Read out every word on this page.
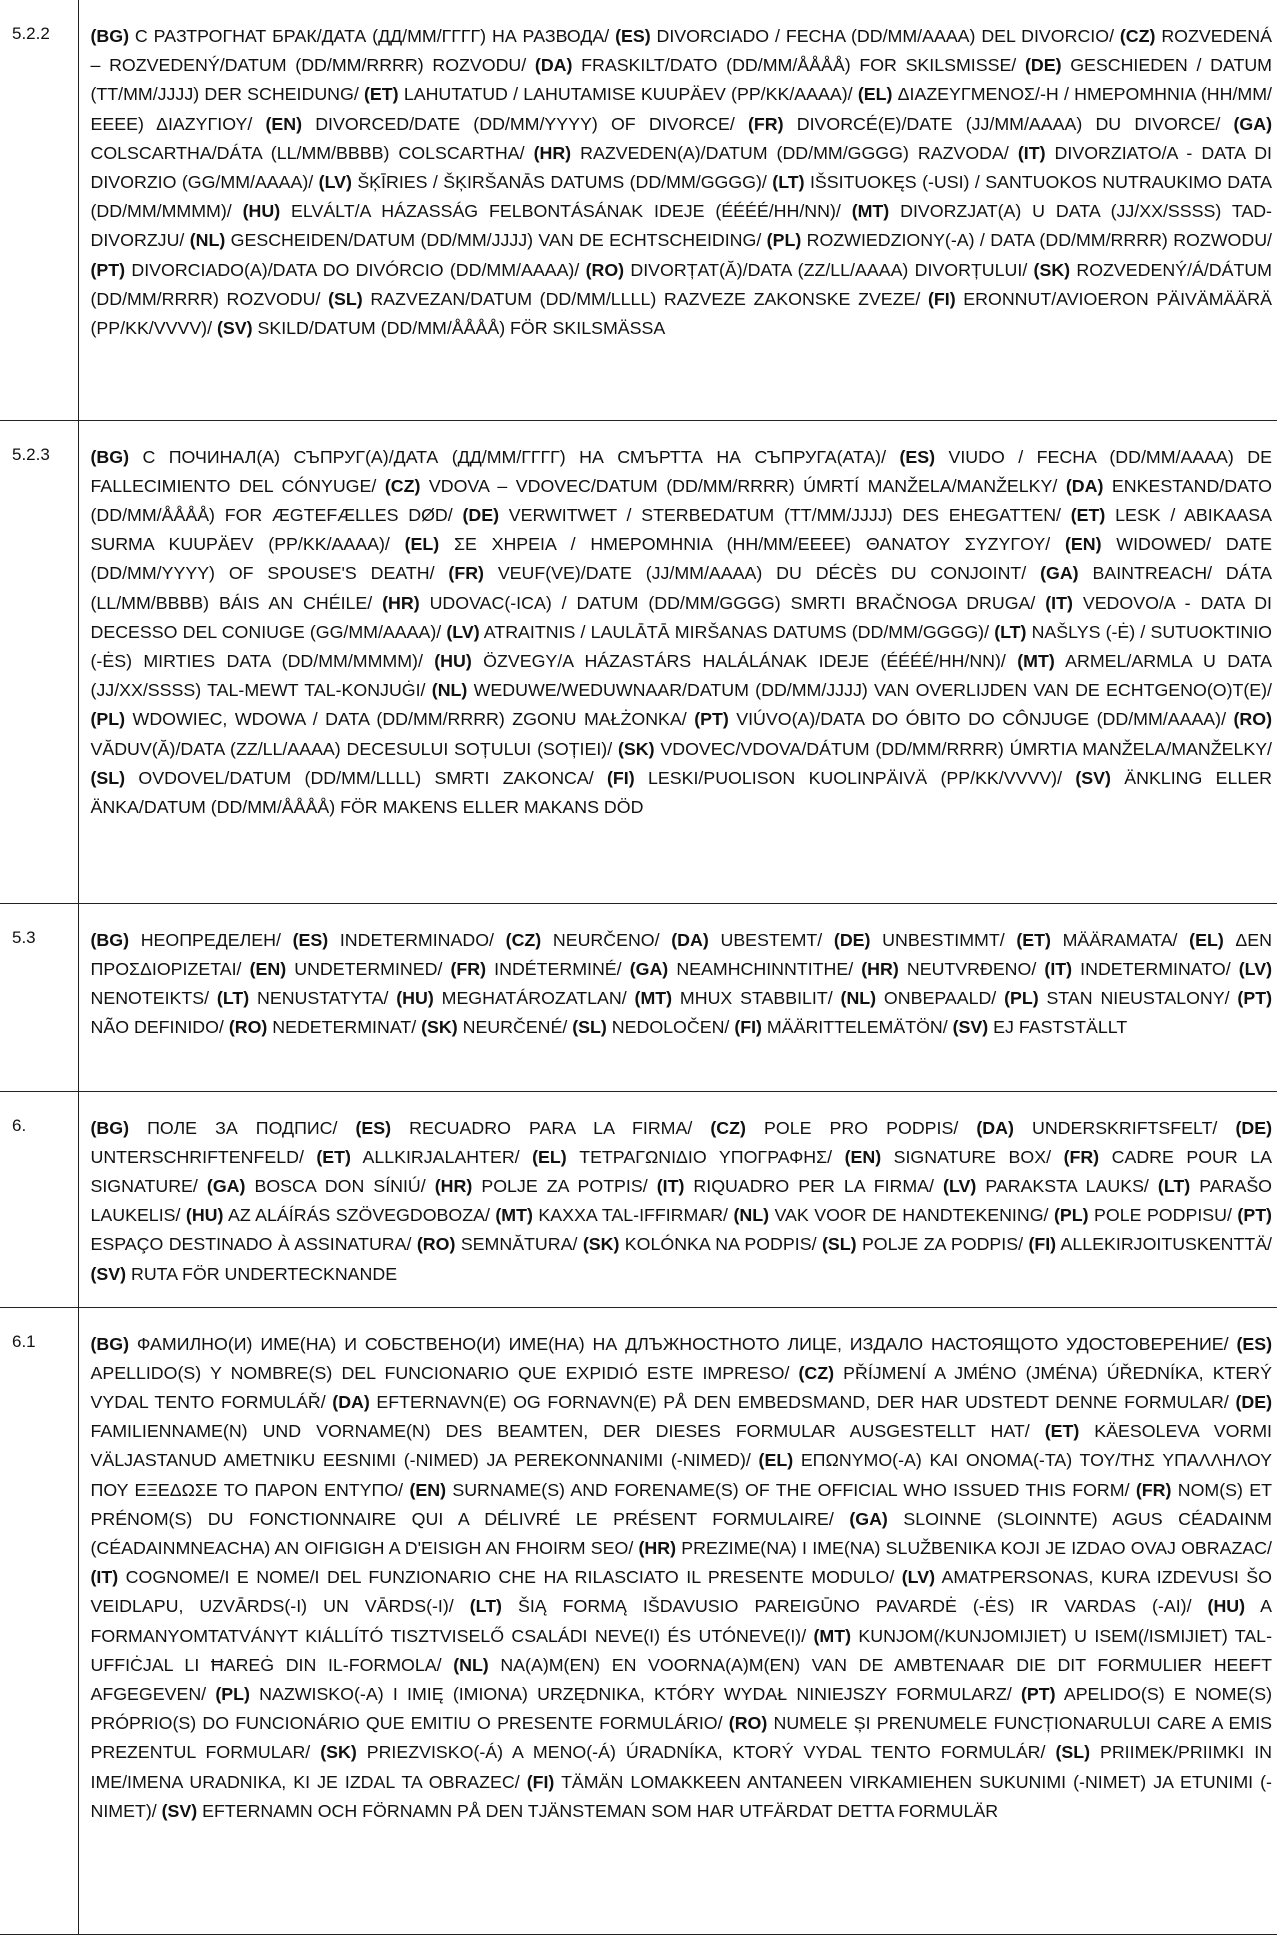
5.2.2	(BG) С РАЗТРОГНАТ БРАК/ДАТА (ДД/ММ/ГГГГ) НА РАЗВОДА/ (ES) DIVORCIADO / FECHA (DD/MM/AAAA) DEL DIVORCIO/ (CZ) ROZVEDENÁ – ROZVEDENÝ/DATUM (DD/MM/RRRR) ROZVODU/ (DA) FRASKILT/DATO (DD/MM/ÅÅÅÅ) FOR SKILSMISSE/ (DE) GESCHIEDEN / DATUM (TT/MM/JJJJ) DER SCHEIDUNG/ (ET) LAHUTATUD / LAHUTAMISE KUUPÄEV (PP/KK/AAAA)/ (EL) ΔΙΑΖΕΥΓΜΕΝΟΣ/-Η / ΗΜΕΡΟΜΗΝΙΑ (ΗΗ/ΜΜ/ΕΕΕΕ) ΔΙΑΖΥΓΙΟΥ/ (EN) DIVORCED/DATE (DD/MM/YYYY) OF DIVORCE/ (FR) DIVORCÉ(E)/DATE (JJ/MM/AAAA) DU DIVORCE/ (GA) COLSCARTHA/DÁTA (LL/MM/BBBB) COLSCARTHA/ (HR) RAZVEDEN(A)/DATUM (DD/MM/GGGG) RAZVODA/ (IT) DIVORZIATO/A - DATA DI DIVORZIO (GG/MM/AAAA)/ (LV) ŠĶĪRIES / ŠĶIRŠANĀS DATUMS (DD/MM/GGGG)/ (LT) IŠSITUOKĘS (-USI) / SANTUOKOS NUTRAUKIMO DATA (DD/MM/MMMM)/ (HU) ELVÁLT/A HÁZASSÁG FELBONTÁSÁNAK IDEJE (ÉÉÉÉ/HH/NN)/ (MT) DIVORZJAT(A) U DATA (JJ/XX/SSSS) TAD-DIVORZJU/ (NL) GESCHEIDEN/DATUM (DD/MM/JJJJ) VAN DE ECHTSCHEIDING/ (PL) ROZWIEDZIONY(-A) / DATA (DD/MM/RRRR) ROZWODU/ (PT) DIVORCIADO(A)/DATA DO DIVÓRCIO (DD/MM/AAAA)/ (RO) DIVORȚAT(Ă)/DATA (ZZ/LL/AAAA) DIVORȚULUI/ (SK) ROZVEDENÝ/Á/DÁTUM (DD/MM/RRRR) ROZVODU/ (SL) RAZVEZAN/DATUM (DD/MM/LLLL) RAZVEZE ZAKONSKE ZVEZE/ (FI) ERONNUT/AVIOERON PÄIVÄMÄÄRÄ (PP/KK/VVVV)/ (SV) SKILD/DATUM (DD/MM/ÅÅÅÅ) FÖR SKILSMÄSSA
5.2.3	(BG) С ПОЧИНАЛ(А) СЪПРУГ(А)/ДАТА (ДД/ММ/ГГГГ) НА СМЪРТТА НА СЪПРУГА(АТА)/ (ES) VIUDO / FECHA (DD/MM/AAAA) DE FALLECIMIENTO DEL CÓNYUGE/ (CZ) VDOVA – VDOVEC/DATUM (DD/MM/RRRR) ÚMRTÍ MANŽELA/MANŽELKY/ (DA) ENKESTAND/DATO (DD/MM/ÅÅÅÅ) FOR ÆGTEFÆLLES DØD/ (DE) VERWITWET / STERBEDATUM (TT/MM/JJJJ) DES EHEGATTEN/ (ET) LESK / ABIKAASA SURMA KUUPÄEV (PP/KK/AAAA)/ (EL) ΣΕ ΧΗΡΕΙΑ / ΗΜΕΡΟΜΗΝΙΑ (ΗΗ/ΜΜ/ΕΕΕΕ) ΘΑΝΑΤΟΥ ΣΥΖΥΓΟΥ/ (EN) WIDOWED/ DATE (DD/MM/YYYY) OF SPOUSE'S DEATH/ (FR) VEUF(VE)/DATE (JJ/MM/AAAA) DU DÉCÈS DU CONJOINT/ (GA) BAINTREACH/ DÁTA (LL/MM/BBBB) BÁIS AN CHÉILE/ (HR) UDOVAC(-ICA) / DATUM (DD/MM/GGGG) SMRTI BRAČNOGA DRUGA/ (IT) VEDOVO/A - DATA DI DECESSO DEL CONIUGE (GG/MM/AAAA)/ (LV) ATRAITNIS / LAULĀTĀ MIRŠANAS DATUMS (DD/MM/GGGG)/ (LT) NAŠLYS (-Ė) / SUTUOKTINIO (-ĖS) MIRTIES DATA (DD/MM/MMMM)/ (HU) ÖZVEGY/A HÁZASTÁRS HALÁLÁNAK IDEJE (ÉÉÉÉ/HH/NN)/ (MT) ARMEL/ARMLA U DATA (JJ/XX/SSSS) TAL-MEWT TAL-KONJUĠI/ (NL) WEDUWE/WEDUWNAAR/DATUM (DD/MM/JJJJ) VAN OVERLIJDEN VAN DE ECHTGENO(O)T(E)/ (PL) WDOWIEC, WDOWA / DATA (DD/MM/RRRR) ZGONU MAŁŻONKA/ (PT) VIÚVO(A)/DATA DO ÓBITO DO CÔNJUGE (DD/MM/AAAA)/ (RO) VĂDUV(Ă)/DATA (ZZ/LL/AAAA) DECESULUI SOȚULUI (SOȚIEI)/ (SK) VDOVEC/VDOVA/DÁTUM (DD/MM/RRRR) ÚMRTIA MANŽELA/MANŽELKY/ (SL) OVDOVEL/DATUM (DD/MM/LLLL) SMRTI ZAKONCA/ (FI) LESKI/PUOLISON KUOLINPÄIVÄ (PP/KK/VVVV)/ (SV) ÄNKLING ELLER ÄNKA/DATUM (DD/MM/ÅÅÅÅ) FÖR MAKENS ELLER MAKANS DÖD
5.3	(BG) НЕОПРЕДЕЛЕН/ (ES) INDETERMINADO/ (CZ) NEURČENO/ (DA) UBESTEMT/ (DE) UNBESTIMMT/ (ET) MÄÄRAMATA/ (EL) ΔΕΝ ΠΡΟΣΔΙΟΡΙΖΕΤΑΙ/ (EN) UNDETERMINED/ (FR) INDÉTERMINÉ/ (GA) NEAMHCHINNTITHE/ (HR) NEUTVRĐENO/ (IT) INDETERMINATO/ (LV) NENOTEIKTS/ (LT) NENUSTATYTA/ (HU) MEGHATÁROZATLAN/ (MT) MHUX STABBILIT/ (NL) ONBEPAALD/ (PL) STAN NIEUSTALONY/ (PT) NÃO DEFINIDO/ (RO) NEDETERMINAT/ (SK) NEURČENÉ/ (SL) NEDOLOČEN/ (FI) MÄÄRITTELEMÄTÖN/ (SV) EJ FASTSTÄLLT
6.	(BG) ПОЛЕ ЗА ПОДПИС/ (ES) RECUADRO PARA LA FIRMA/ (CZ) POLE PRO PODPIS/ (DA) UNDERSKRIFTSFELT/ (DE) UNTERSCHRIFTENFELD/ (ET) ALLKIRJALAHTER/ (EL) ΤΕΤΡΑΓΩΝΙΔΙΟ ΥΠΟΓΡΑΦΗΣ/ (EN) SIGNATURE BOX/ (FR) CADRE POUR LA SIGNATURE/ (GA) BOSCA DON SÍNIÚ/ (HR) POLJE ZA POTPIS/ (IT) RIQUADRO PER LA FIRMA/ (LV) PARAKSTA LAUKS/ (LT) PARAŠO LAUKELIS/ (HU) AZ ALÁÍRÁS SZÖVEGDOBOZA/ (MT) KAXXA TAL-IFFIRMAR/ (NL) VAK VOOR DE HANDTEKENING/ (PL) POLE PODPISU/ (PT) ESPAÇO DESTINADO À ASSINATURA/ (RO) SEMNĂTURA/ (SK) KOLÓNKA NA PODPIS/ (SL) POLJE ZA PODPIS/ (FI) ALLEKIRJOITUSKENTTÄ/ (SV) RUTA FÖR UNDERTECKNANDE
6.1	(BG) ФАМИЛНО(И) ИМЕ(НА) И СОБСТВЕНО(И) ИМЕ(НА) НА ДЛЪЖНОСТНОТО ЛИЦЕ, ИЗДАЛО НАСТОЯЩОТО УДОСТОВЕРЕНИЕ/ (ES) APELLIDO(S) Y NOMBRE(S) DEL FUNCIONARIO QUE EXPIDIÓ ESTE IMPRESO/ (CZ) PŘÍJMENÍ A JMÉNO (JMÉNA) ÚŘEDNÍKA, KTERÝ VYDAL TENTO FORMULÁŘ/ (DA) EFTERNAVN(E) OG FORNAVN(E) PÅ DEN EMBEDSMAND, DER HAR UDSTEDT DENNE FORMULAR/ (DE) FAMILIENNAME(N) UND VORNAME(N) DES BEAMTEN, DER DIESES FORMULAR AUSGESTELLT HAT/ (ET) KÄESOLEVA VORMI VÄLJASTANUD AMETNIKU EESNIMI (-NIMED) JA PEREKONNANIMI (-NIMED)/ (EL) ΕΠΩΝΥΜΟ(-Α) ΚΑΙ ΟΝΟΜΑ(-ΤΑ) ΤΟΥ/ΤΗΣ ΥΠΑΛΛΗΛΟΥ ΠΟΥ ΕΞΕΔΩΣΕ ΤΟ ΠΑΡΟΝ ΕΝΤΥΠΟ/ (EN) SURNAME(S) AND FORENAME(S) OF THE OFFICIAL WHO ISSUED THIS FORM/ (FR) NOM(S) ET PRÉNOM(S) DU FONCTIONNAIRE QUI A DÉLIVRÉ LE PRÉSENT FORMULAIRE/ (GA) SLOINNE (SLOINNTE) AGUS CÉADAINM (CÉADAINMNEACHA) AN OIFIGIGH A D'EISIGH AN FHOIRM SEO/ (HR) PREZIME(NA) I IME(NA) SLUŽBENIKA KOJI JE IZDAO OVAJ OBRAZAC/ (IT) COGNOME/I E NOME/I DEL FUNZIONARIO CHE HA RILASCIATO IL PRESENTE MODULO/ (LV) AMATPERSONAS, KURA IZDEVUSI ŠO VEIDLAPU, UZVĀRDS(-I) UN VĀRDS(-I)/ (LT) ŠIĄ FORMĄ IŠDAVUSIO PAREIGŪNO PAVARDĖ (-ĖS) IR VARDAS (-AI)/ (HU) A FORMANYOMTATVÁNYT KIÁLLÍTÓ TISZTVISELŐ CSALÁDI NEVE(I) ÉS UTÓNEVE(I)/ (MT) KUNJOM(/KUNJOMIJIET) U ISEM(/ISMIJIET) TAL-UFFIĊJAL LI ĦAREĠ DIN IL-FORMOLA/ (NL) NA(A)M(EN) EN VOORNA(A)M(EN) VAN DE AMBTENAAR DIE DIT FORMULIER HEEFT AFGEGEVEN/ (PL) NAZWISKO(-A) I IMIĘ (IMIONA) URZĘDNIKA, KTÓRY WYDAŁ NINIEJSZY FORMULARZ/ (PT) APELIDO(S) E NOME(S) PRÓPRIO(S) DO FUNCIONÁRIO QUE EMITIU O PRESENTE FORMULÁRIO/ (RO) NUMELE ȘI PRENUMELE FUNCȚIONARULUI CARE A EMIS PREZENTUL FORMULAR/ (SK) PRIEZVISKO(-Á) A MENO(-Á) ÚRADNÍKA, KTORÝ VYDAL TENTO FORMULÁR/ (SL) PRIIMEK/PRIIMKI IN IME/IMENA URADNIKA, KI JE IZDAL TA OBRAZEC/ (FI) TÄMÄN LOMAKKEEN ANTANEEN VIRKAMIEHEN SUKUNIMI (-NIMET) JA ETUNIMI (-NIMET)/ (SV) EFTERNAMN OCH FÖRNAMN PÅ DEN TJÄNSTEMAN SOM HAR UTFÄRDAT DETTA FORMULÄR
